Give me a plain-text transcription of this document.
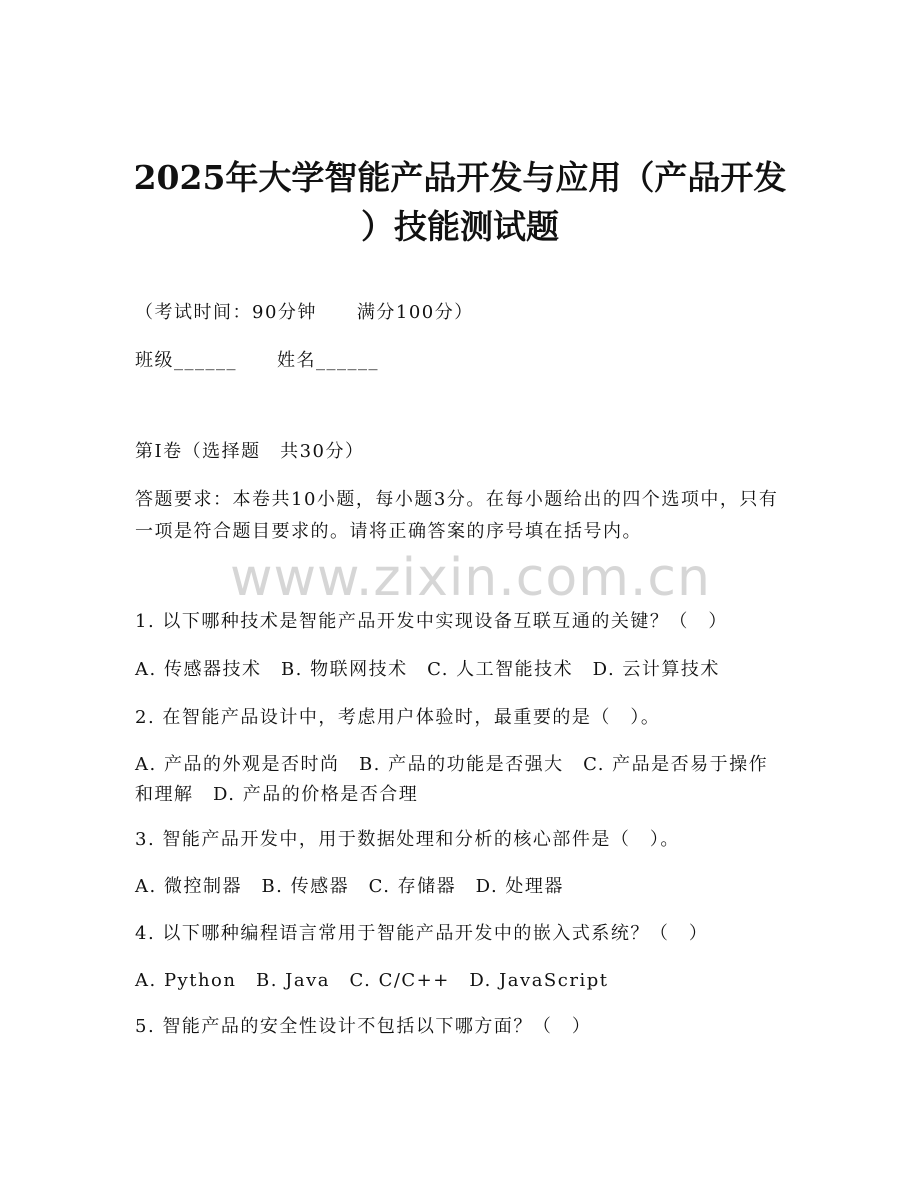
www.zixin.com.cn
2025年大学智能产品开发与应用（产品开发
）技能测试题
（考试时间：90分钟 满分100分）
班级______ 姓名______
第I卷（选择题　共30分）
答题要求：本卷共10小题，每小题3分。在每小题给出的四个选项中，只有一项是符合题目要求的。请将正确答案的序号填在括号内。
1. 以下哪种技术是智能产品开发中实现设备互联互通的关键？（　）
A. 传感器技术　B. 物联网技术　C. 人工智能技术　D. 云计算技术
2. 在智能产品设计中，考虑用户体验时，最重要的是（　）。
A. 产品的外观是否时尚　B. 产品的功能是否强大　C. 产品是否易于操作和理解　D. 产品的价格是否合理
3. 智能产品开发中，用于数据处理和分析的核心部件是（　）。
A. 微控制器　B. 传感器　C. 存储器　D. 处理器
4. 以下哪种编程语言常用于智能产品开发中的嵌入式系统？（　）
A. Python　B. Java　C. C/C++　D. JavaScript
5. 智能产品的安全性设计不包括以下哪方面？（　）
